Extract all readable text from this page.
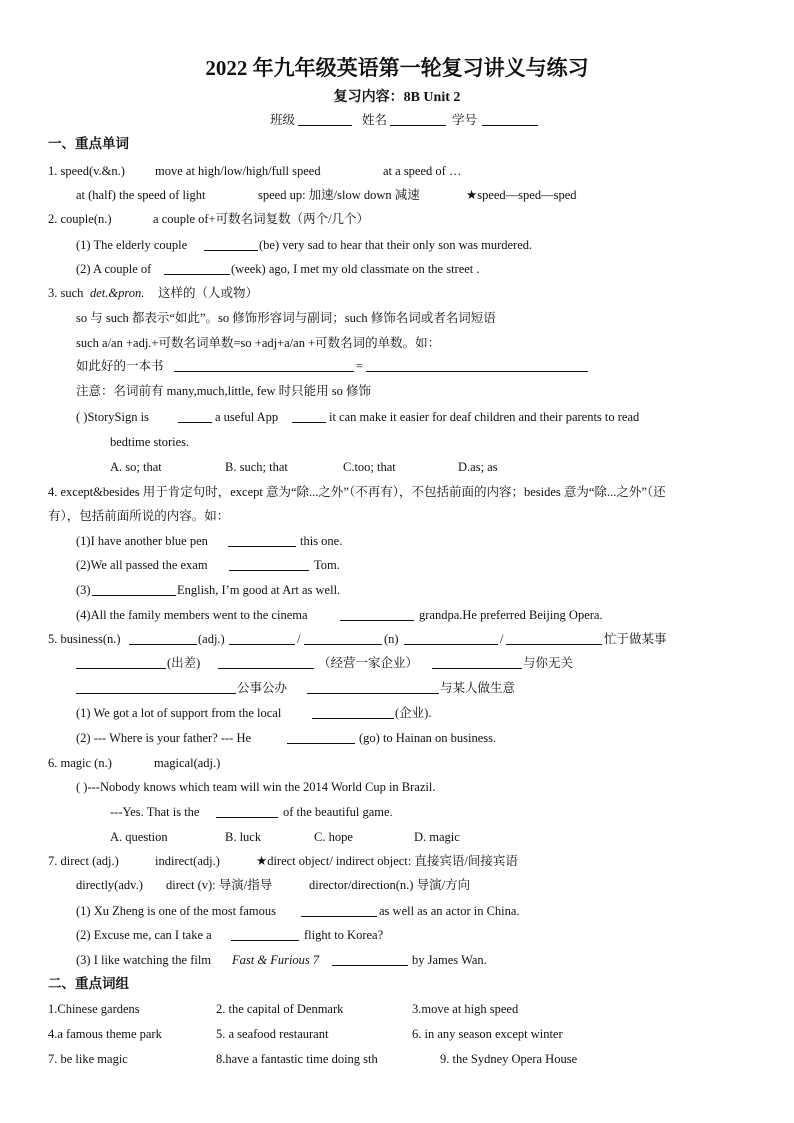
2022 年九年级英语第一轮复习讲义与练习
复习内容：8B Unit 2
班级	姓名	学号
一、重点单词
1. speed(v.&n.) move at high/low/high/full speed	at a speed of …
at (half) the speed of light	speed up: 加速/slow down 减速	★speed—sped—sped
2. couple(n.)	a couple of+可数名词复数（两个/几个）
(1) The elderly couple	(be) very sad to hear that their only son was murdered.
(2) A couple of	(week) ago, I met my old classmate on the street .
3. such det.&pron. 这样的（人或物）
so 与 such 都表示“如此”。so 修饰形容词与副词；such 修饰名词或者名词短语
such a/an +adj.+可数名词单数=so +adj+a/an +可数名词的单数。如：
如此好的一本书	=
注意：名词前有 many,much,little, few 时只能用 so 修饰
( )StorySign is	a useful App	it can make it easier for deaf children and their parents to read
bedtime stories.
A. so; that	B. such; that	C.too; that	D.as; as
4. except&besides 用于肯定句时，except 意为“除...之外”（不再有），不包括前面的内容；besides 意为“除...之外”（还
有），包括前面所说的内容。如：
(1)I have another blue pen	this one.
(2)We all passed the exam	Tom.
(3)	English, I’m good at Art as well.
(4)All the family members went to the cinema	grandpa.He preferred Beijing Opera.
5. business(n.)	(adj.)	/	(n)	/	忙于做某事
(出差)	（经营一家企业）	与你无关
公事公办	与某人做生意
(1) We got a lot of support from the local	(企业).
(2) --- Where is your father? --- He	(go) to Hainan on business.
6. magic (n.)	magical(adj.)
( )---Nobody knows which team will win the 2014 World Cup in Brazil.
---Yes. That is the	of the beautiful game.
A. question	B. luck	C. hope	D. magic
7. direct (adj.)	indirect(adj.)	★direct object/ indirect object: 直接宾语/间接宾语
directly(adv.) direct (v): 导演/指导	director/direction(n.) 导演/方向
(1) Xu Zheng is one of the most famous	as well as an actor in China.
(2) Excuse me, can I take a	flight to Korea?
(3) I like watching the film Fast & Furious 7	by James Wan.
二、重点词组
1.Chinese gardens	2. the capital of Denmark	3.move at high speed
4.a famous theme park	5. a seafood restaurant	6. in any season except winter
7. be like magic	8.have a fantastic time doing sth	9. the Sydney Opera House
